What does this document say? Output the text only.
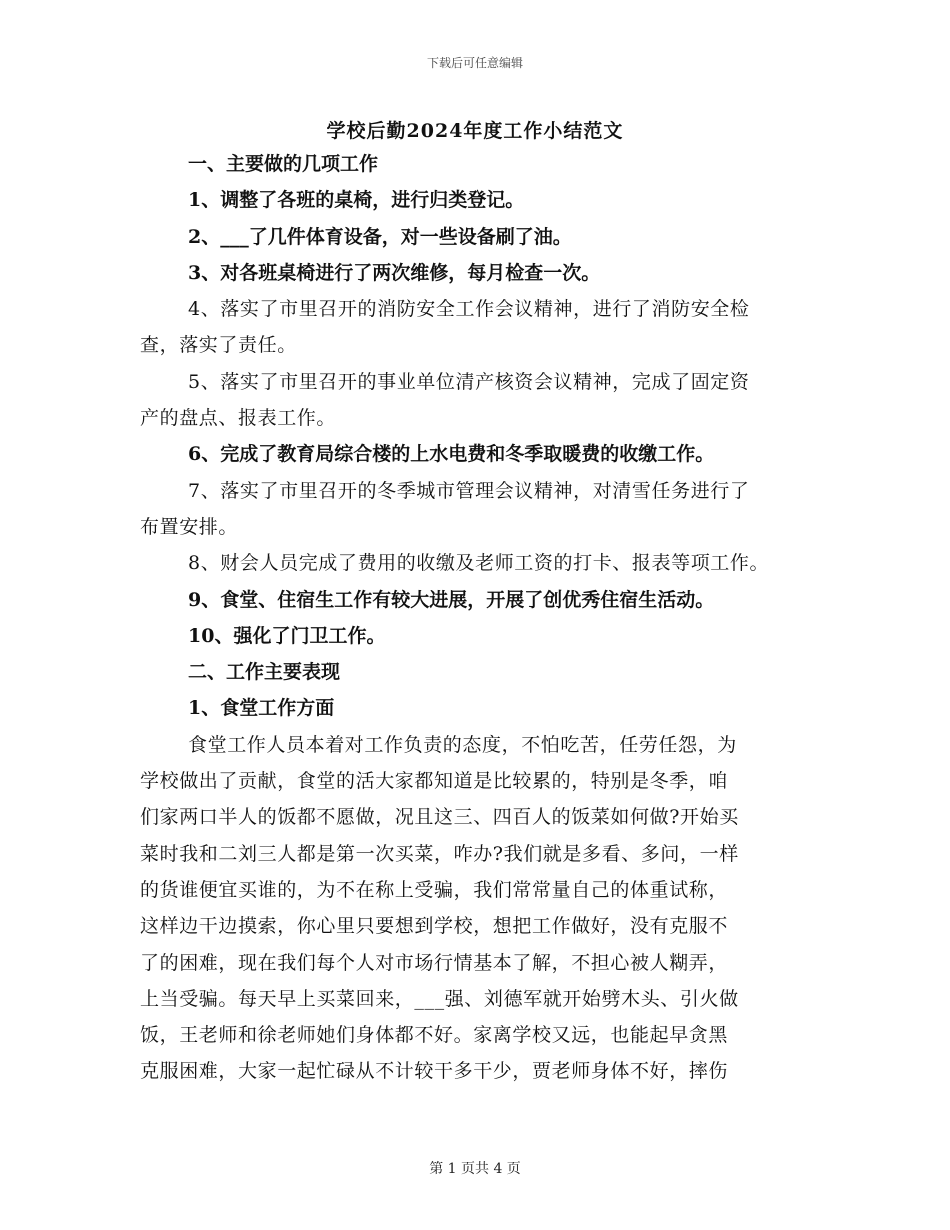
下载后可任意编辑
学校后勤2024年度工作小结范文
一、主要做的几项工作
1、调整了各班的桌椅，进行归类登记。
2、___了几件体育设备，对一些设备刷了油。
3、对各班桌椅进行了两次维修，每月检查一次。
4、落实了市里召开的消防安全工作会议精神，进行了消防安全检
查，落实了责任。
5、落实了市里召开的事业单位清产核资会议精神，完成了固定资
产的盘点、报表工作。
6、完成了教育局综合楼的上水电费和冬季取暖费的收缴工作。
7、落实了市里召开的冬季城市管理会议精神，对清雪任务进行了
布置安排。
8、财会人员完成了费用的收缴及老师工资的打卡、报表等项工作。
9、食堂、住宿生工作有较大进展，开展了创优秀住宿生活动。
10、强化了门卫工作。
二、工作主要表现
1、食堂工作方面
食堂工作人员本着对工作负责的态度，不怕吃苦，任劳任怨，为
学校做出了贡献，食堂的活大家都知道是比较累的，特别是冬季，咱
们家两口半人的饭都不愿做，况且这三、四百人的饭菜如何做?开始买
菜时我和二刘三人都是第一次买菜，咋办?我们就是多看、多问，一样
的货谁便宜买谁的，为不在称上受骗，我们常常量自己的体重试称，
这样边干边摸索，你心里只要想到学校，想把工作做好，没有克服不
了的困难，现在我们每个人对市场行情基本了解，不担心被人糊弄，
上当受骗。每天早上买菜回来，___强、刘德军就开始劈木头、引火做
饭，王老师和徐老师她们身体都不好。家离学校又远，也能起早贪黑
克服困难，大家一起忙碌从不计较干多干少，贾老师身体不好，摔伤
第 1 页共 4 页
